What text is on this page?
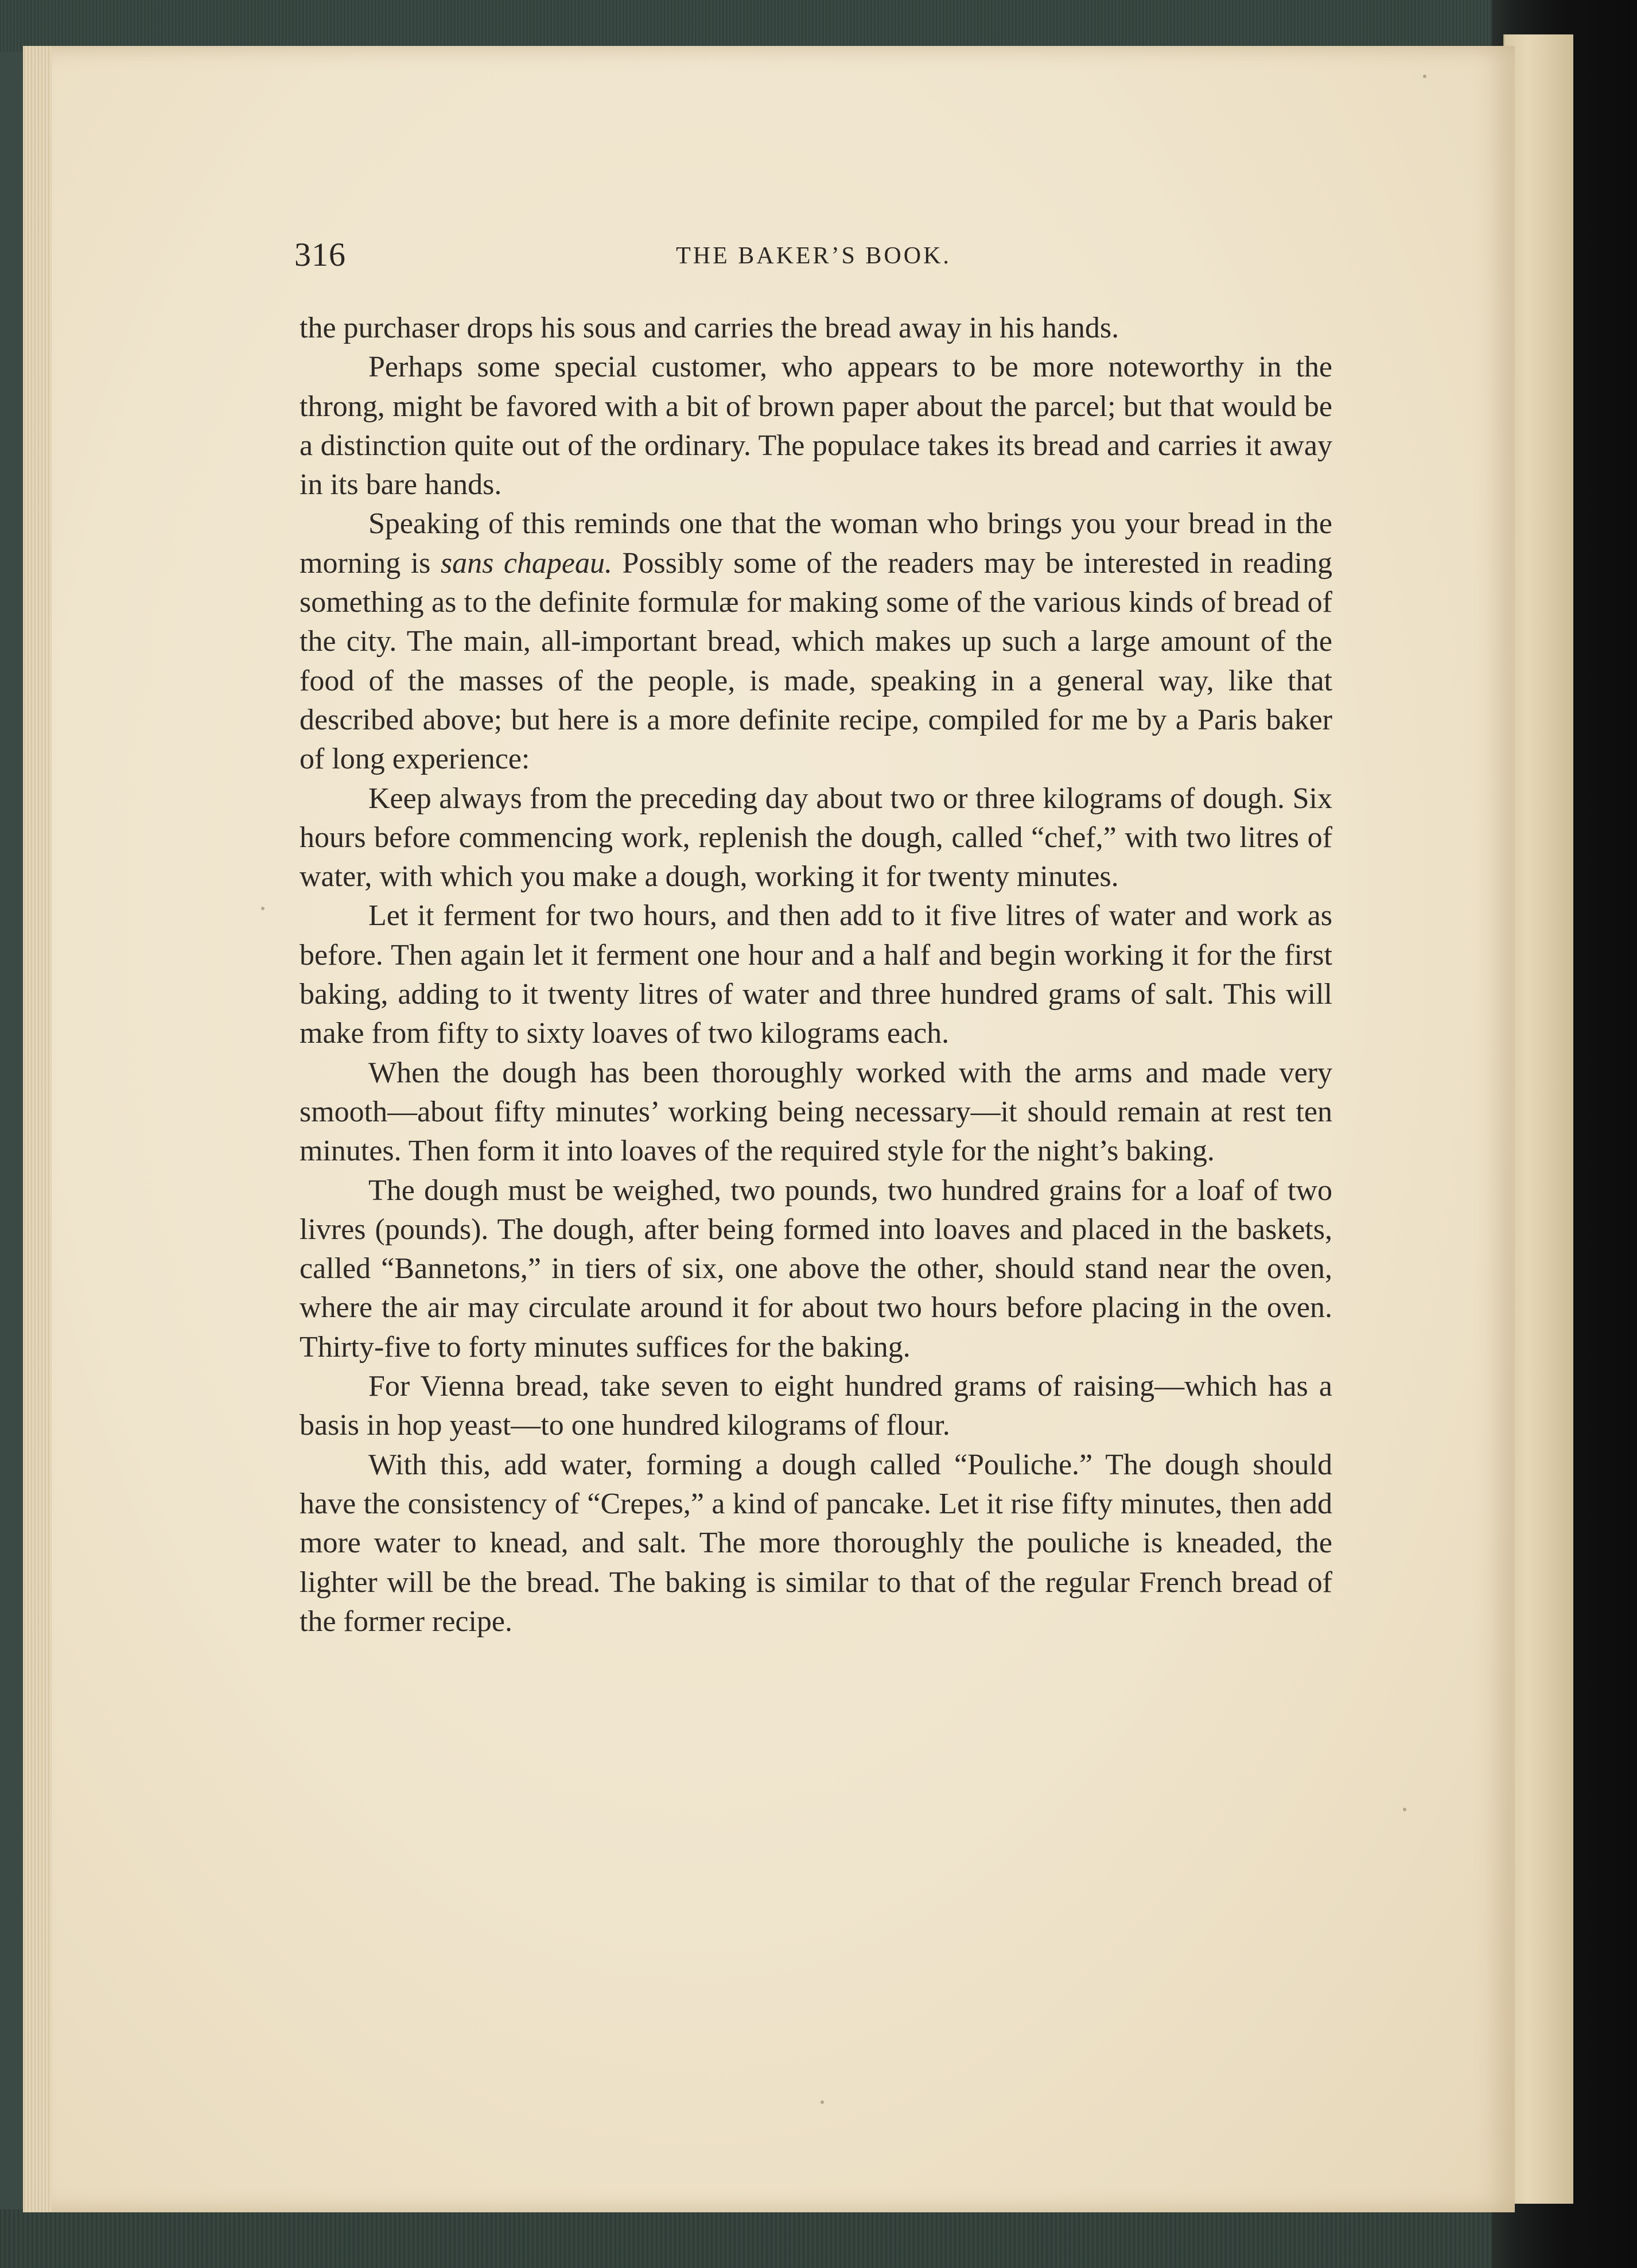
316	THE BAKER’S BOOK.

the purchaser drops his sous and carries the bread away in his hands.

Perhaps some special customer, who appears to be more noteworthy in the throng, might be favored with a bit of brown paper about the parcel; but that would be a distinction quite out of the ordinary. The populace takes its bread and carries it away in its bare hands.

Speaking of this reminds one that the woman who brings you your bread in the morning is sans chapeau. Possibly some of the readers may be interested in reading something as to the definite formulæ for making some of the various kinds of bread of the city. The main, all-important bread, which makes up such a large amount of the food of the masses of the people, is made, speaking in a general way, like that described above; but here is a more definite recipe, compiled for me by a Paris baker of long experience:

Keep always from the preceding day about two or three kilograms of dough. Six hours before commencing work, replenish the dough, called “chef,” with two litres of water, with which you make a dough, working it for twenty minutes.

Let it ferment for two hours, and then add to it five litres of water and work as before. Then again let it ferment one hour and a half and begin working it for the first baking, adding to it twenty litres of water and three hundred grams of salt. This will make from fifty to sixty loaves of two kilograms each.

When the dough has been thoroughly worked with the arms and made very smooth—about fifty minutes’ working being necessary—it should remain at rest ten minutes. Then form it into loaves of the required style for the night’s baking.

The dough must be weighed, two pounds, two hundred grains for a loaf of two livres (pounds). The dough, after being formed into loaves and placed in the baskets, called “Bannetons,” in tiers of six, one above the other, should stand near the oven, where the air may circulate around it for about two hours before placing in the oven. Thirty-five to forty minutes suffices for the baking.

For Vienna bread, take seven to eight hundred grams of raising—which has a basis in hop yeast—to one hundred kilograms of flour.

With this, add water, forming a dough called “Pouliche.” The dough should have the consistency of “Crepes,” a kind of pancake. Let it rise fifty minutes, then add more water to knead, and salt. The more thoroughly the pouliche is kneaded, the lighter will be the bread. The baking is similar to that of the regular French bread of the former recipe.
